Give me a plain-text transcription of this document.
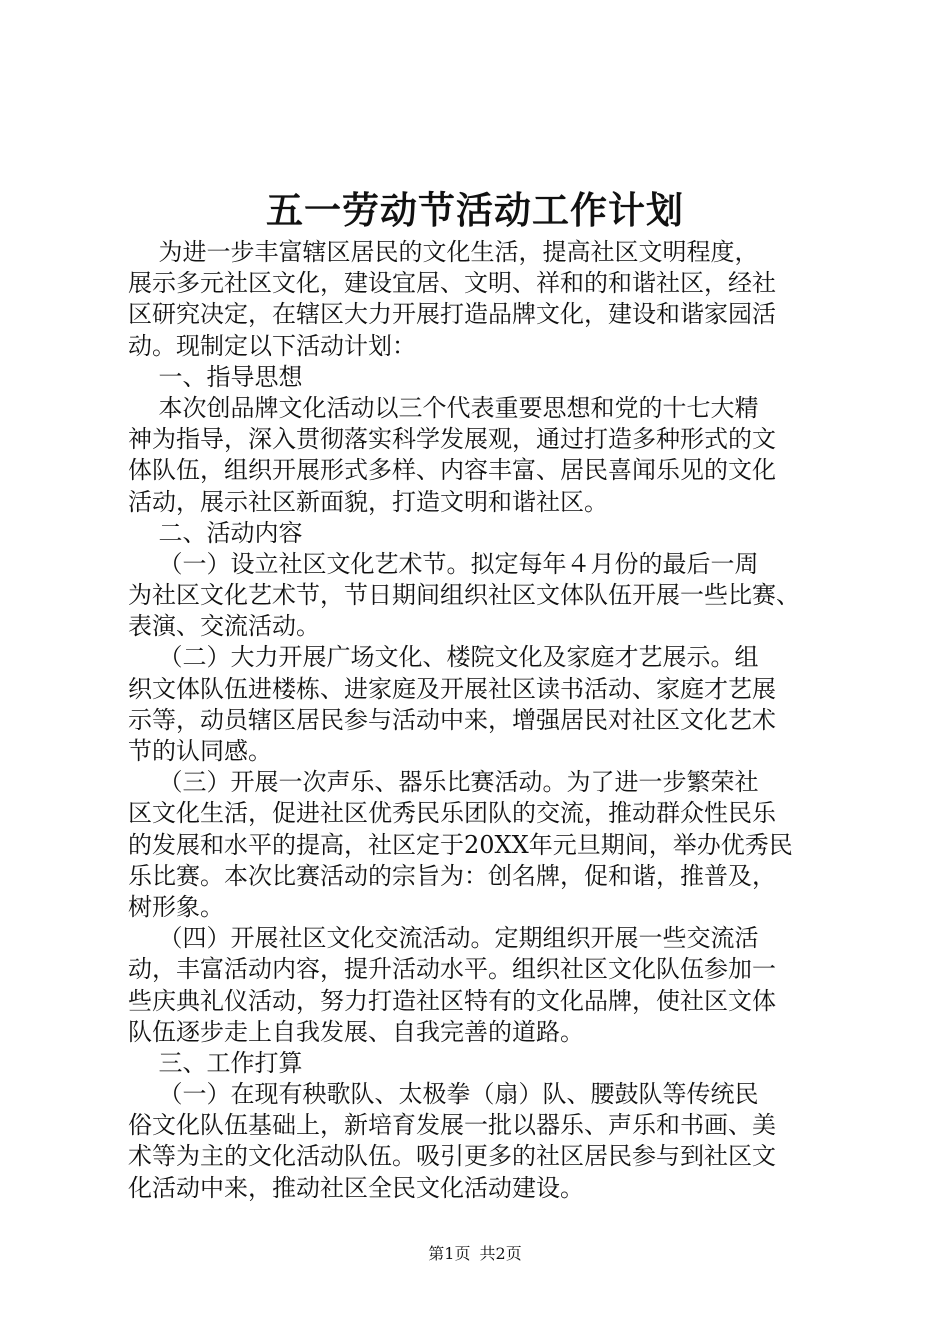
五一劳动节活动工作计划
为进一步丰富辖区居民的文化生活，提高社区文明程度，
展示多元社区文化，建设宜居、文明、祥和的和谐社区，经社
区研究决定，在辖区大力开展打造品牌文化，建设和谐家园活
动。现制定以下活动计划：
一、指导思想
本次创品牌文化活动以三个代表重要思想和党的十七大精
神为指导，深入贯彻落实科学发展观，通过打造多种形式的文
体队伍，组织开展形式多样、内容丰富、居民喜闻乐见的文化
活动，展示社区新面貌，打造文明和谐社区。
二、活动内容
（一）设立社区文化艺术节。拟定每年４月份的最后一周
为社区文化艺术节，节日期间组织社区文体队伍开展一些比赛、
表演、交流活动。
（二）大力开展广场文化、楼院文化及家庭才艺展示。组
织文体队伍进楼栋、进家庭及开展社区读书活动、家庭才艺展
示等，动员辖区居民参与活动中来，增强居民对社区文化艺术
节的认同感。
（三）开展一次声乐、器乐比赛活动。为了进一步繁荣社
区文化生活，促进社区优秀民乐团队的交流，推动群众性民乐
的发展和水平的提高，社区定于20XX年元旦期间，举办优秀民
乐比赛。本次比赛活动的宗旨为：创名牌，促和谐，推普及，
树形象。
（四）开展社区文化交流活动。定期组织开展一些交流活
动，丰富活动内容，提升活动水平。组织社区文化队伍参加一
些庆典礼仪活动，努力打造社区特有的文化品牌，使社区文体
队伍逐步走上自我发展、自我完善的道路。
三、工作打算
（一）在现有秧歌队、太极拳（扇）队、腰鼓队等传统民
俗文化队伍基础上，新培育发展一批以器乐、声乐和书画、美
术等为主的文化活动队伍。吸引更多的社区居民参与到社区文
化活动中来，推动社区全民文化活动建设。
第1页 共2页
